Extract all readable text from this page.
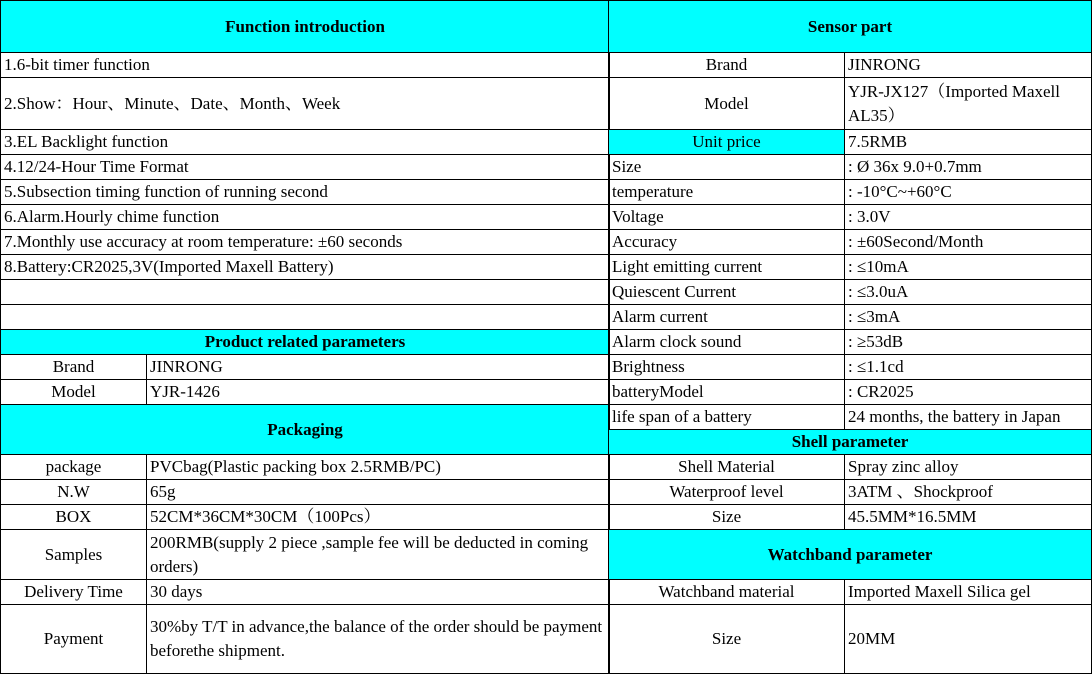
Function introduction	
1.6-bit timer function	
2.Show：Hour、Minute、Date、Month、Week	
3.EL Backlight function	
4.12/24-Hour Time Format	
5.Subsection timing function of running second	
6.Alarm.Hourly chime function	
7.Monthly use accuracy at room temperature: ±60 seconds	
8.Battery:CR2025,3V(Imported Maxell Battery)	

Product related parameters	
Brand	JINRONG
Model	YJR-1426
Packaging	
package	PVCbag(Plastic packing box 2.5RMB/PC)
N.W	65g
BOX	52CM*36CM*30CM（100Pcs）
Samples	200RMB(supply 2 piece ,sample fee will be deducted in coming orders)
Delivery Time	30 days
Payment	30%by T/T in advance,the balance of the order should be payment beforethe shipment.
Sensor part	
Brand	JINRONG
Model	YJR-JX127（Imported Maxell AL35）
Unit price	7.5RMB
Size	: Ø 36x 9.0+0.7mm
temperature	: -10°C~+60°C
Voltage	: 3.0V
Accuracy	: ±60Second/Month
Light emitting current	: ≤10mA
Quiescent Current	: ≤3.0uA
Alarm current	: ≤3mA
Alarm clock sound	: ≥53dB
Brightness	: ≤1.1cd
batteryModel	: CR2025
life span of a battery	24 months, the battery in Japan
Shell parameter	
Shell Material	Spray zinc alloy
Waterproof level	3ATM 、Shockproof
Size	45.5MM*16.5MM
Watchband parameter	
Watchband material	Imported Maxell Silica gel
Size	20MM
